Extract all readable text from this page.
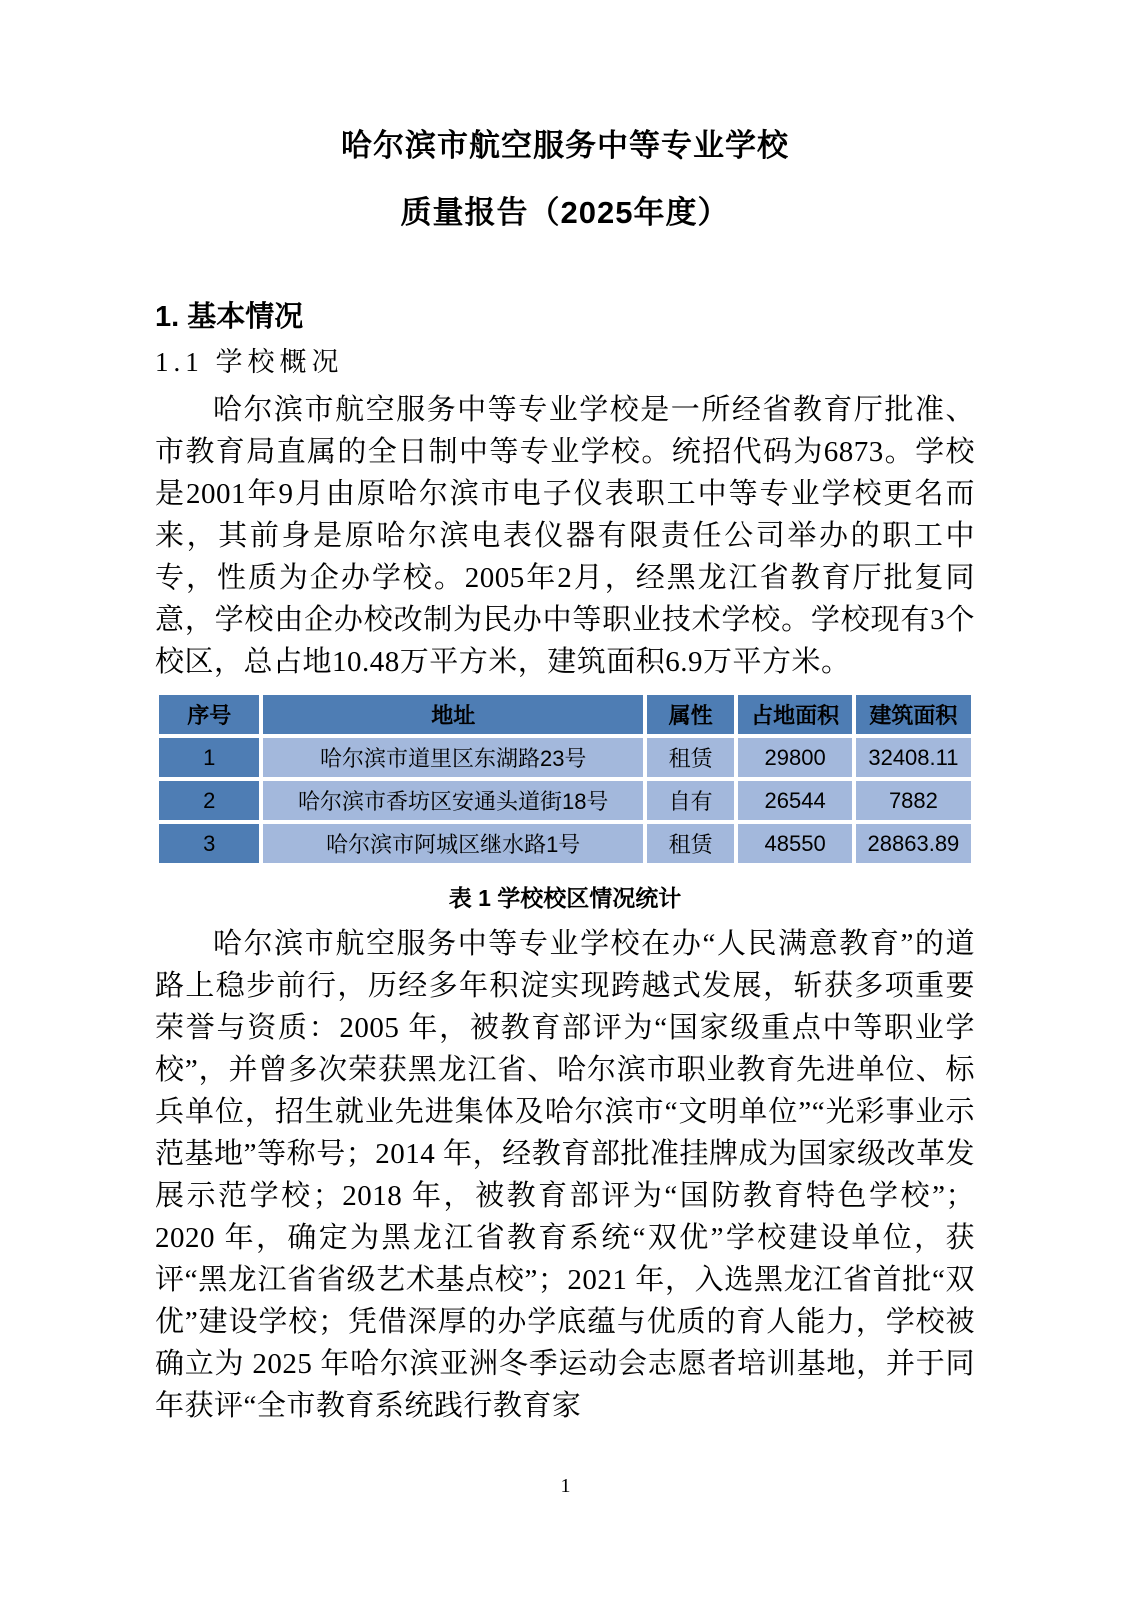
哈尔滨市航空服务中等专业学校
质量报告（2025年度）
1. 基本情况
1.1 学校概况

哈尔滨市航空服务中等专业学校是一所经省教育厅批准、市教育局直属的全日制中等专业学校。统招代码为6873。学校是2001年9月由原哈尔滨市电子仪表职工中等专业学校更名而来，其前身是原哈尔滨电表仪器有限责任公司举办的职工中专，性质为企办学校。2005年2月，经黑龙江省教育厅批复同意，学校由企办校改制为民办中等职业技术学校。学校现有3个校区，总占地10.48万平方米，建筑面积6.9万平方米。

序号	地址	属性	占地面积	建筑面积
1	哈尔滨市道里区东湖路23号	租赁	29800	32408.11
2	哈尔滨市香坊区安通头道街18号	自有	26544	7882
3	哈尔滨市阿城区继水路1号	租赁	48550	28863.89
表 1 学校校区情况统计

哈尔滨市航空服务中等专业学校在办“人民满意教育”的道路上稳步前行，历经多年积淀实现跨越式发展，斩获多项重要荣誉与资质：2005 年，被教育部评为“国家级重点中等职业学校”，并曾多次荣获黑龙江省、哈尔滨市职业教育先进单位、标兵单位，招生就业先进集体及哈尔滨市“文明单位”“光彩事业示范基地”等称号；2014 年，经教育部批准挂牌成为国家级改革发展示范学校；2018 年，被教育部评为“国防教育特色学校”；2020 年，确定为黑龙江省教育系统“双优”学校建设单位，获评“黑龙江省省级艺术基点校”；2021 年，入选黑龙江省首批“双优”建设学校；凭借深厚的办学底蕴与优质的育人能力，学校被确立为 2025 年哈尔滨亚洲冬季运动会志愿者培训基地，并于同年获评“全市教育系统践行教育家

1
